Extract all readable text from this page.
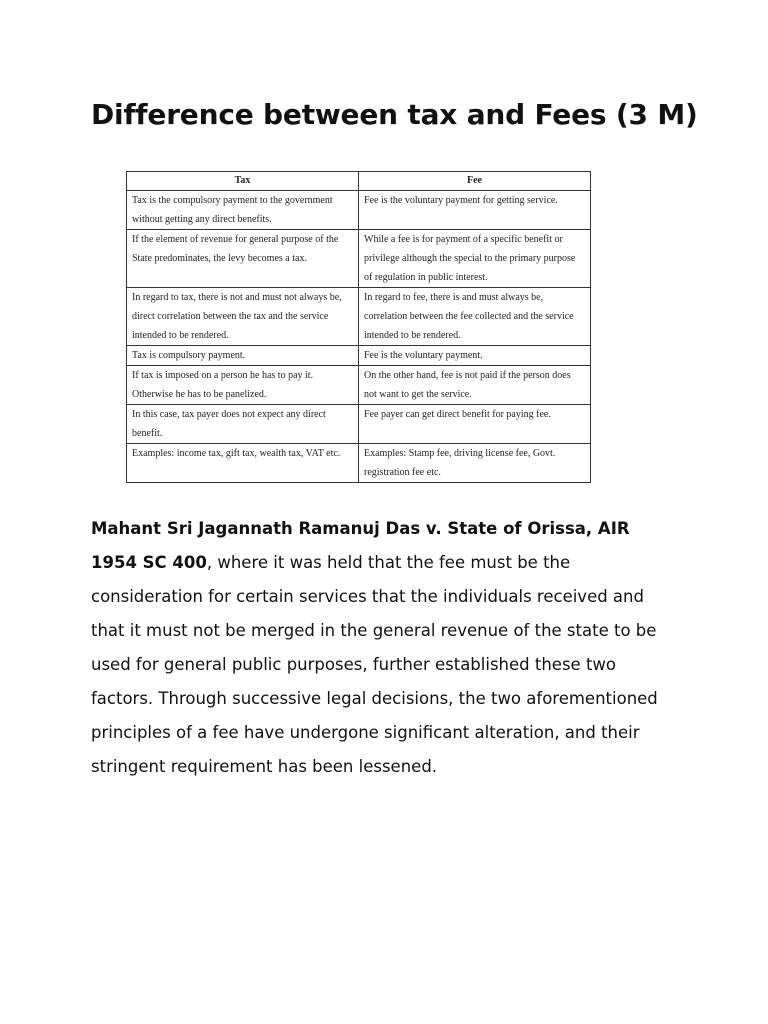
Difference between tax and Fees (3 M)
Tax	Fee
Tax is the compulsory payment to the government without getting any direct benefits.	Fee is the voluntary payment for getting service.
If the element of revenue for general purpose of the State predominates, the levy becomes a tax.	While a fee is for payment of a specific benefit or privilege although the special to the primary purpose of regulation in public interest.
In regard to tax, there is not and must not always be, direct correlation between the tax and the service intended to be rendered.	In regard to fee, there is and must always be, correlation between the fee collected and the service intended to be rendered.
Tax is compulsory payment.	Fee is the voluntary payment.
If tax is imposed on a person he has to pay it. Otherwise he has to be panelized.	On the other hand, fee is not paid if the person does not want to get the service.
In this case, tax payer does not expect any direct benefit.	Fee payer can get direct benefit for paying fee.
Examples: income tax, gift tax, wealth tax, VAT etc.	Examples: Stamp fee, driving license fee, Govt. registration fee etc.

Mahant Sri Jagannath Ramanuj Das v. State of Orissa, AIR 1954 SC 400, where it was held that the fee must be the consideration for certain services that the individuals received and that it must not be merged in the general revenue of the state to be used for general public purposes, further established these two factors. Through successive legal decisions, the two aforementioned principles of a fee have undergone significant alteration, and their stringent requirement has been lessened.
